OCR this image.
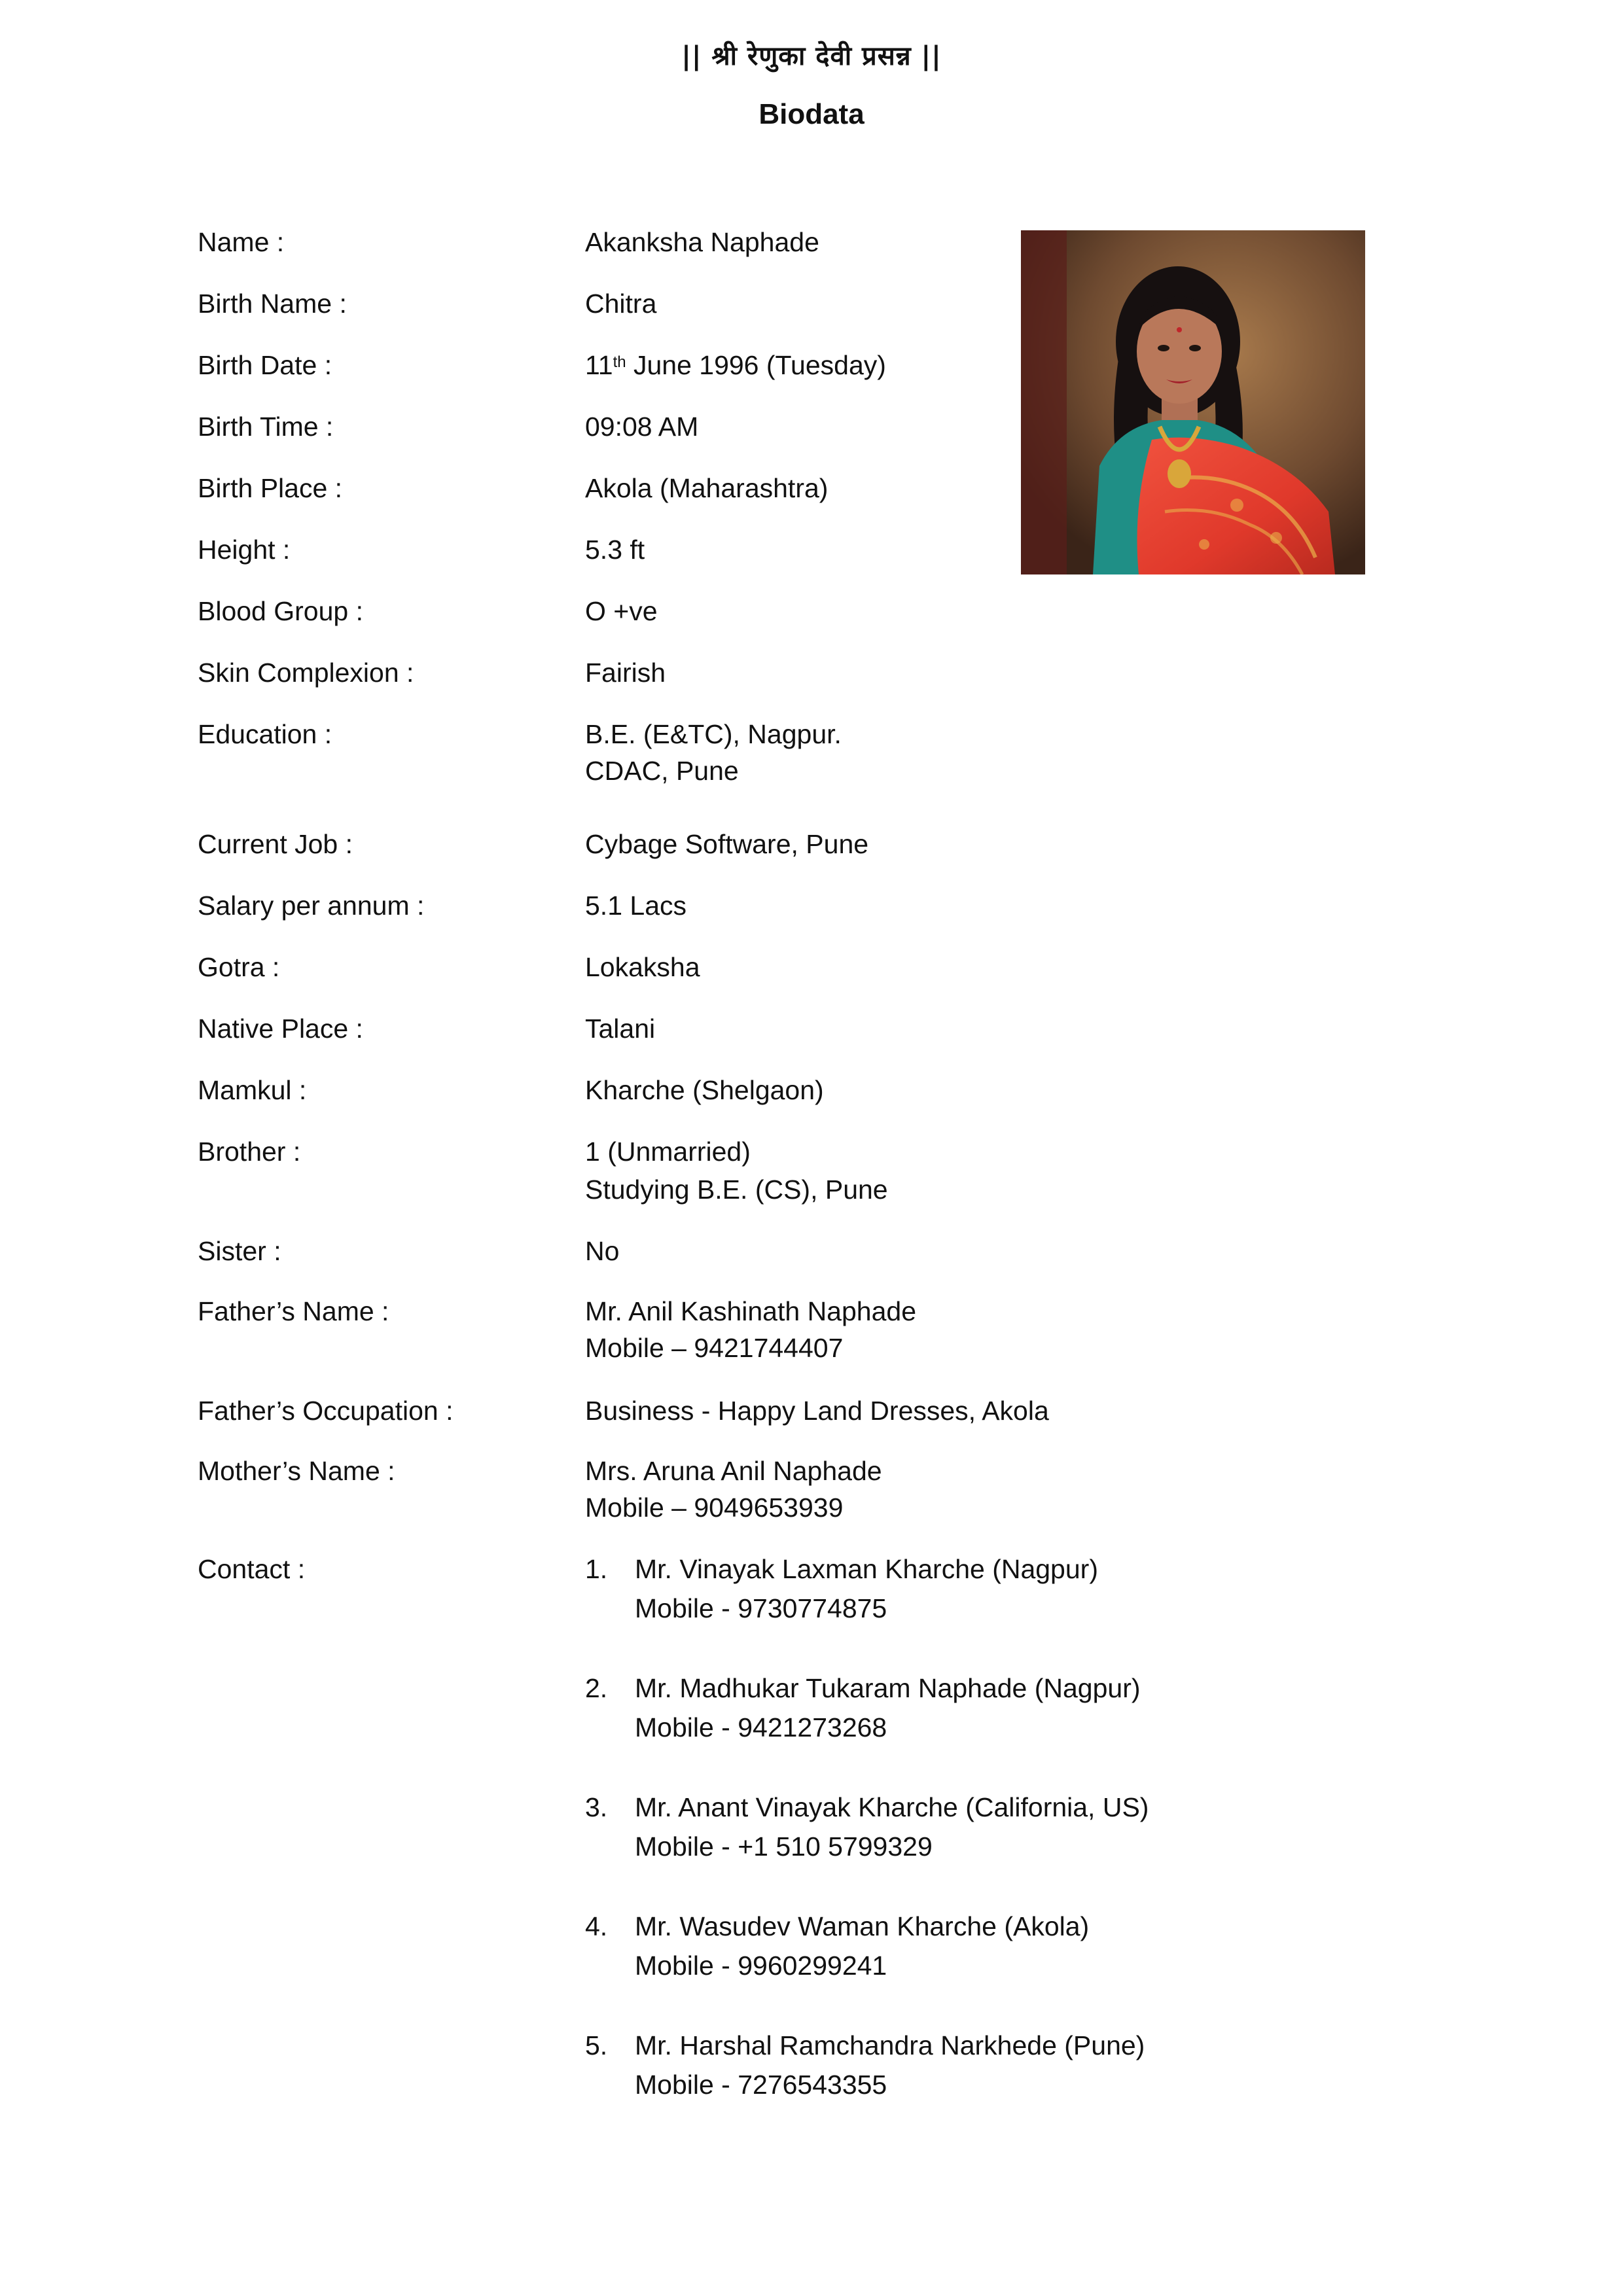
|| श्री रेणुका देवी प्रसन्न ||
Biodata
Name :	Akanksha Naphade
Birth Name :	Chitra
Birth Date :	11th June 1996 (Tuesday)
Birth Time :	09:08 AM
Birth Place :	Akola (Maharashtra)
Height :	5.3 ft
Blood Group :	O +ve
Skin Complexion :	Fairish
Education :	B.E. (E&TC), Nagpur.
CDAC, Pune
Current Job :	Cybage Software, Pune
Salary per annum :	5.1 Lacs
Gotra :	Lokaksha
Native Place :	Talani
Mamkul :	Kharche (Shelgaon)
Brother :	1 (Unmarried)
Studying B.E. (CS), Pune
Sister :	No
Father’s Name :	Mr. Anil Kashinath Naphade
Mobile – 9421744407
Father’s Occupation :	Business - Happy Land Dresses, Akola
Mother’s Name :	Mrs. Aruna Anil Naphade
Mobile – 9049653939
Contact :	1. Mr. Vinayak Laxman Kharche (Nagpur)
Mobile - 9730774875
2. Mr. Madhukar Tukaram Naphade (Nagpur)
Mobile - 9421273268
3. Mr. Anant Vinayak Kharche (California, US)
Mobile - +1 510 5799329
4. Mr. Wasudev Waman Kharche (Akola)
Mobile - 9960299241
5. Mr. Harshal Ramchandra Narkhede (Pune)
Mobile - 7276543355
